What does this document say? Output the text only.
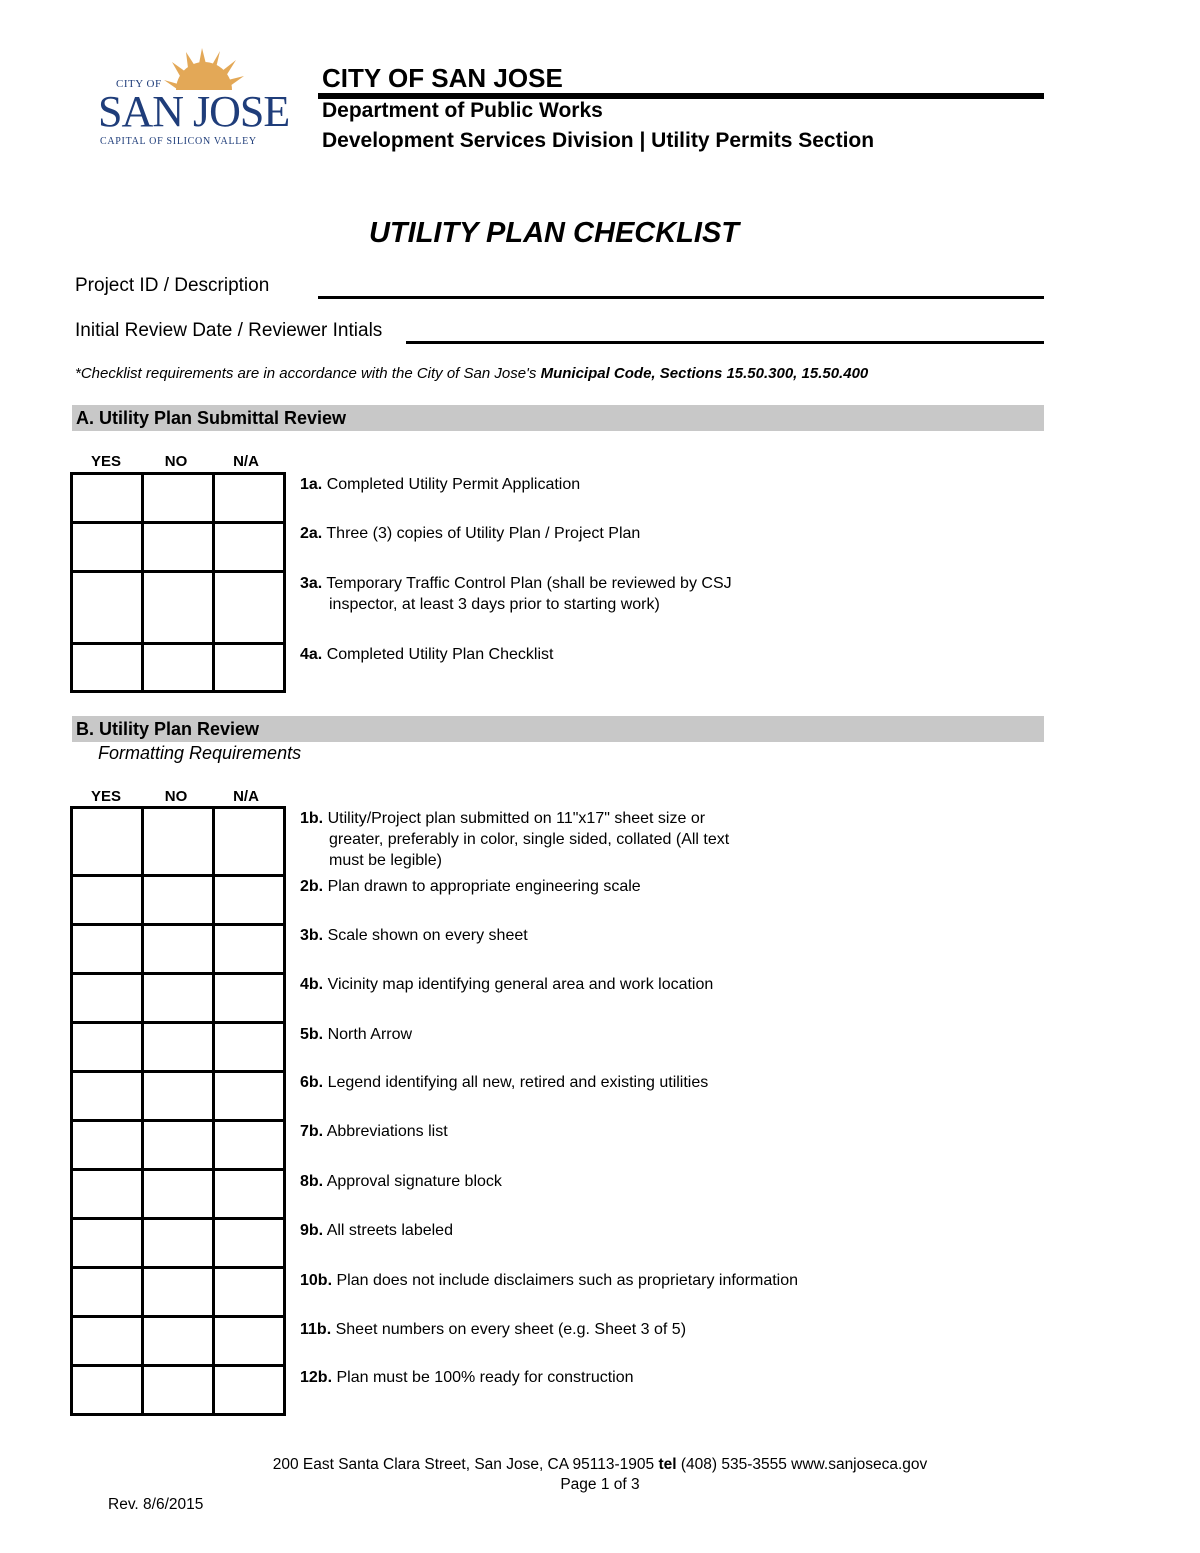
CITY OF
SAN JOSE
CAPITAL OF SILICON VALLEY
CITY OF SAN JOSE
Department of Public Works
Development Services Division | Utility Permits Section
UTILITY PLAN CHECKLIST
Project ID / Description
Initial Review Date / Reviewer Intials
*Checklist requirements are in accordance with the City of San Jose's Municipal Code, Sections 15.50.300, 15.50.400
A. Utility Plan Submittal Review
YES	NO	N/A
1a. Completed Utility Permit Application
2a. Three (3) copies of Utility Plan / Project Plan
3a. Temporary Traffic Control Plan (shall be reviewed by CSJ
inspector, at least 3 days prior to starting work)
4a. Completed Utility Plan Checklist
B. Utility Plan Review
Formatting Requirements
YES	NO	N/A
1b. Utility/Project plan submitted on 11"x17" sheet size or
greater, preferably in color, single sided, collated (All text
must be legible)
2b. Plan drawn to appropriate engineering scale
3b. Scale shown on every sheet
4b. Vicinity map identifying general area and work location
5b. North Arrow
6b. Legend identifying all new, retired and existing utilities
7b. Abbreviations list
8b. Approval signature block
9b. All streets labeled
10b. Plan does not include disclaimers such as proprietary information
11b. Sheet numbers on every sheet (e.g. Sheet 3 of 5)
12b. Plan must be 100% ready for construction
200 East Santa Clara Street, San Jose, CA 95113-1905 tel (408) 535-3555 www.sanjoseca.gov
Page 1 of 3
Rev. 8/6/2015
